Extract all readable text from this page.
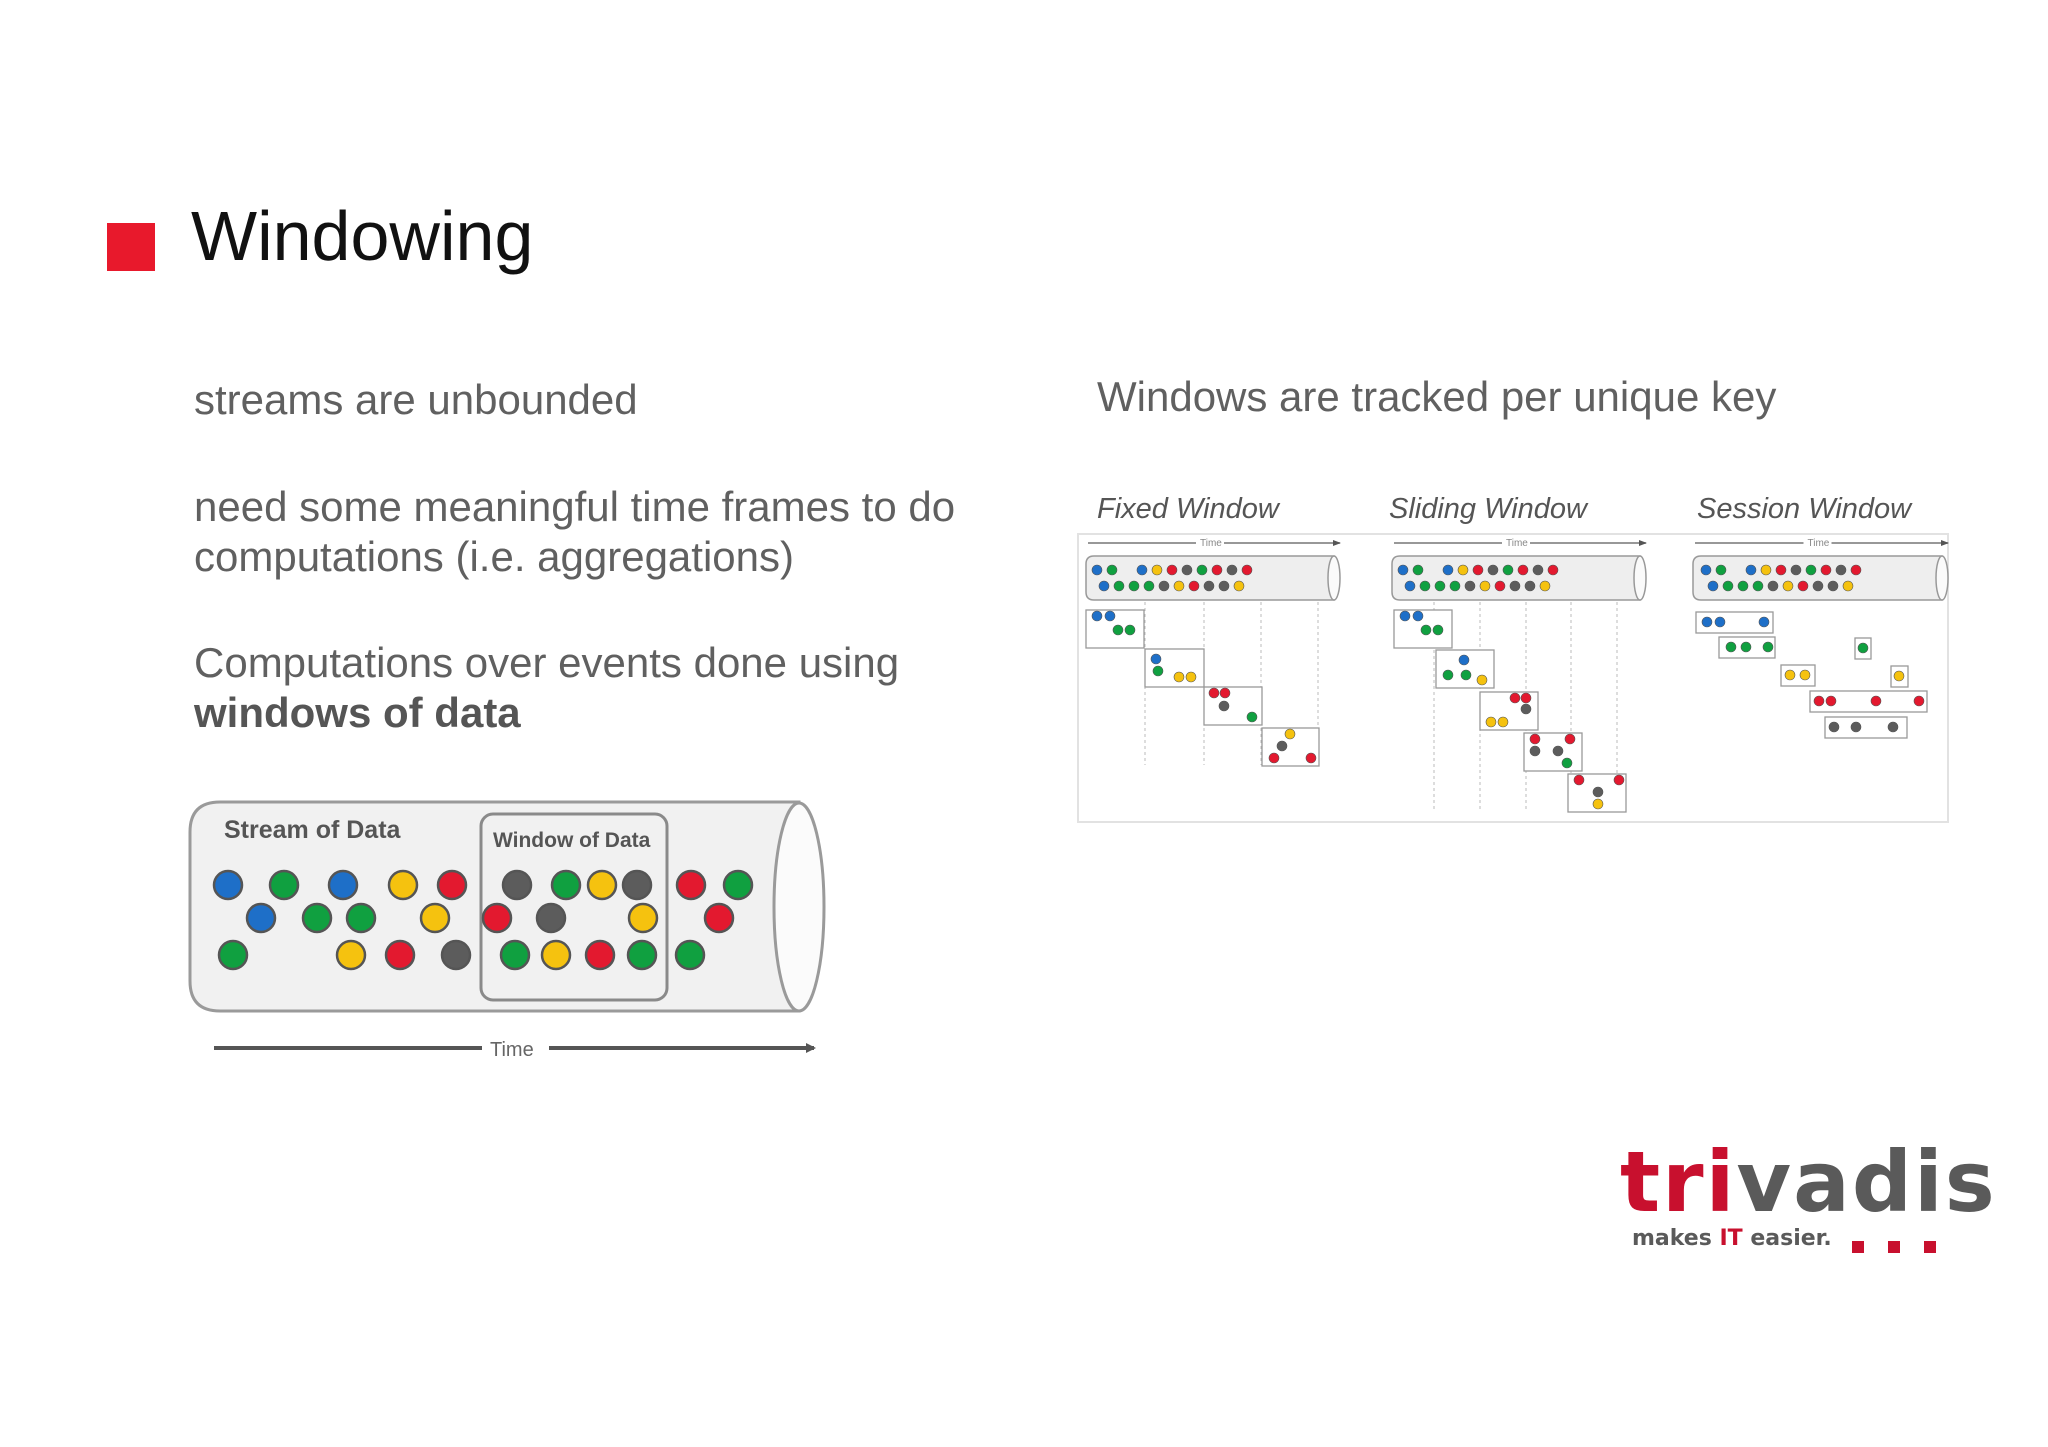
Windowing
streams are unbounded
need some meaningful time frames to do computations (i.e. aggregations)
Computations over events done using windows of data
Windows are tracked per unique key
Fixed Window	Sliding Window	Session Window
Stream of Data	Window of Data
Time
Time	Time	Time
trivadis
makes IT easier.
